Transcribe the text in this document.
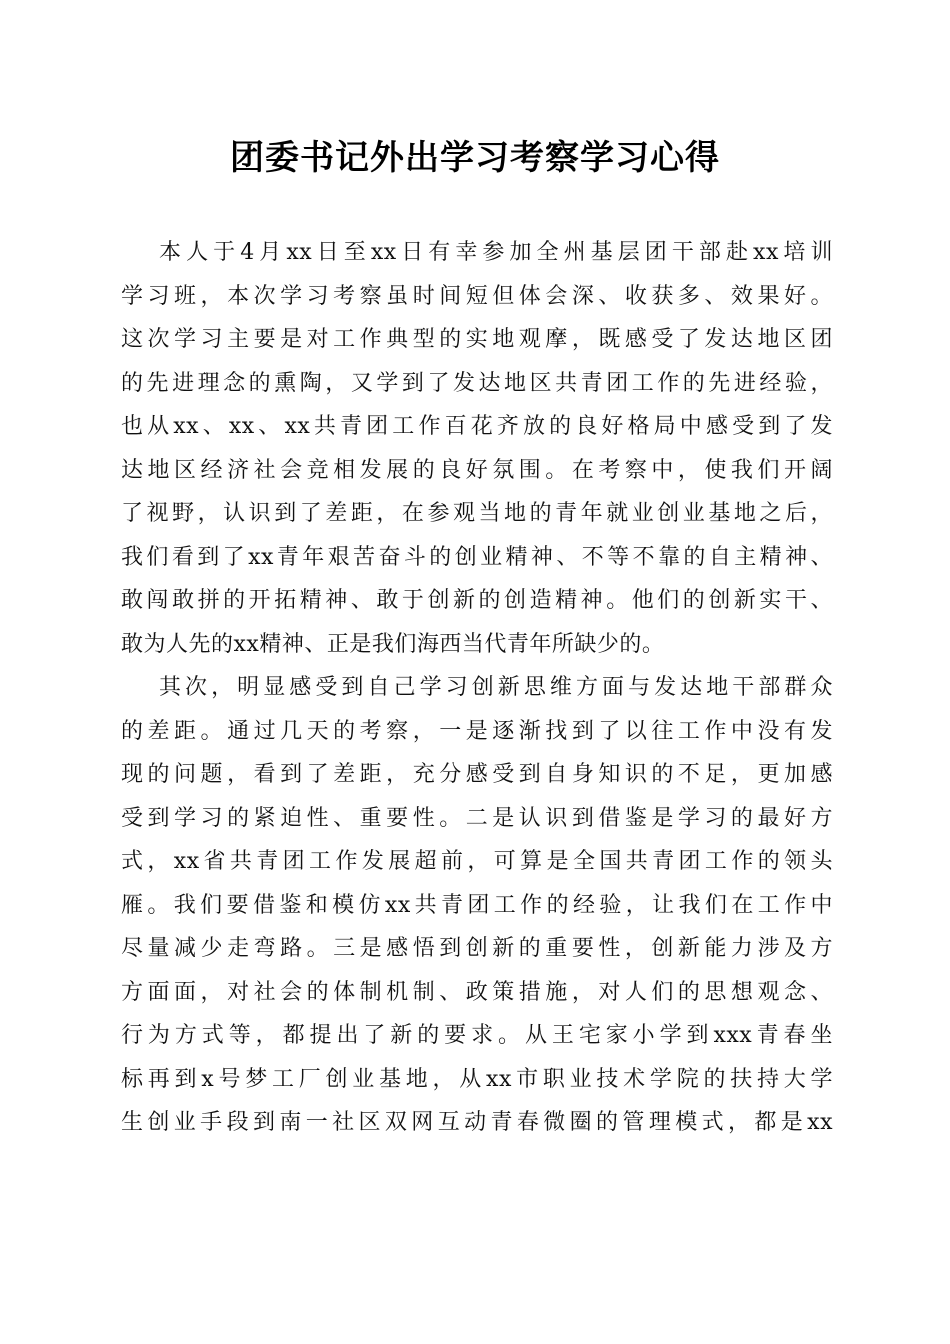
团委书记外出学习考察学习心得
本人于4月xx日至xx日有幸参加全州基层团干部赴xx培训
学习班，本次学习考察虽时间短但体会深、收获多、效果好。
这次学习主要是对工作典型的实地观摩，既感受了发达地区团
的先进理念的熏陶，又学到了发达地区共青团工作的先进经验，
也从xx、xx、xx共青团工作百花齐放的良好格局中感受到了发
达地区经济社会竞相发展的良好氛围。在考察中，使我们开阔
了视野，认识到了差距，在参观当地的青年就业创业基地之后，
我们看到了xx青年艰苦奋斗的创业精神、不等不靠的自主精神、
敢闯敢拼的开拓精神、敢于创新的创造精神。他们的创新实干、
敢为人先的xx精神、正是我们海西当代青年所缺少的。
其次，明显感受到自己学习创新思维方面与发达地干部群众
的差距。通过几天的考察，一是逐渐找到了以往工作中没有发
现的问题，看到了差距，充分感受到自身知识的不足，更加感
受到学习的紧迫性、重要性。二是认识到借鉴是学习的最好方
式，xx省共青团工作发展超前，可算是全国共青团工作的领头
雁。我们要借鉴和模仿xx共青团工作的经验，让我们在工作中
尽量减少走弯路。三是感悟到创新的重要性，创新能力涉及方
方面面，对社会的体制机制、政策措施，对人们的思想观念、
行为方式等，都提出了新的要求。从王宅家小学到xxx青春坐
标再到x号梦工厂创业基地，从xx市职业技术学院的扶持大学
生创业手段到南一社区双网互动青春微圈的管理模式，都是xx
